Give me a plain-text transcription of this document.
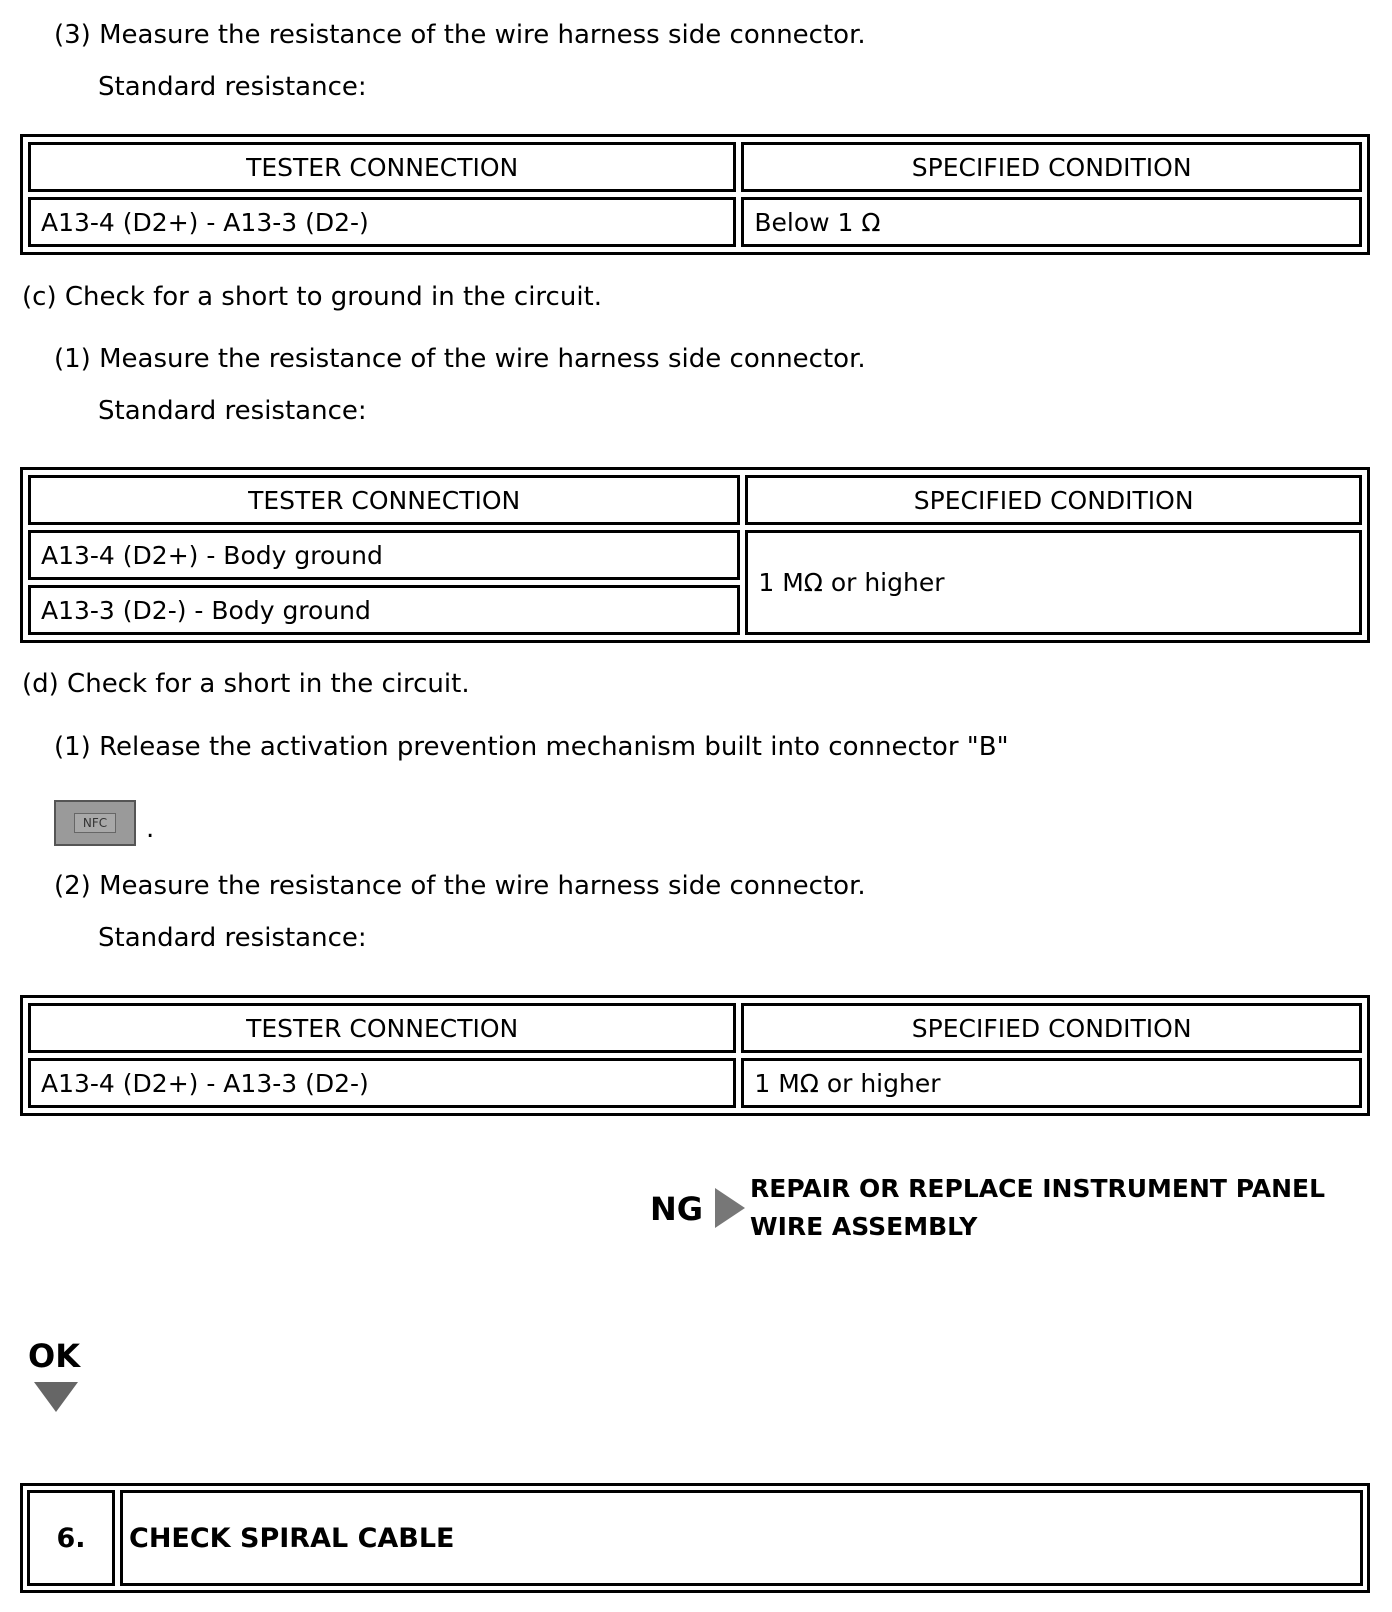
(3) Measure the resistance of the wire harness side connector.
Standard resistance:
TESTER CONNECTION	SPECIFIED CONDITION
A13-4 (D2+) - A13-3 (D2-)	Below 1 Ω
(c) Check for a short to ground in the circuit.
(1) Measure the resistance of the wire harness side connector.
Standard resistance:
TESTER CONNECTION	SPECIFIED CONDITION
A13-4 (D2+) - Body ground	1 MΩ or higher
A13-3 (D2-) - Body ground	
(d) Check for a short in the circuit.
(1) Release the activation prevention mechanism built into connector "B"
NFC	.
(2) Measure the resistance of the wire harness side connector.
Standard resistance:
TESTER CONNECTION	SPECIFIED CONDITION
A13-4 (D2+) - A13-3 (D2-)	1 MΩ or higher
NG
REPAIR OR REPLACE INSTRUMENT PANEL
WIRE ASSEMBLY
OK
6.	CHECK SPIRAL CABLE
